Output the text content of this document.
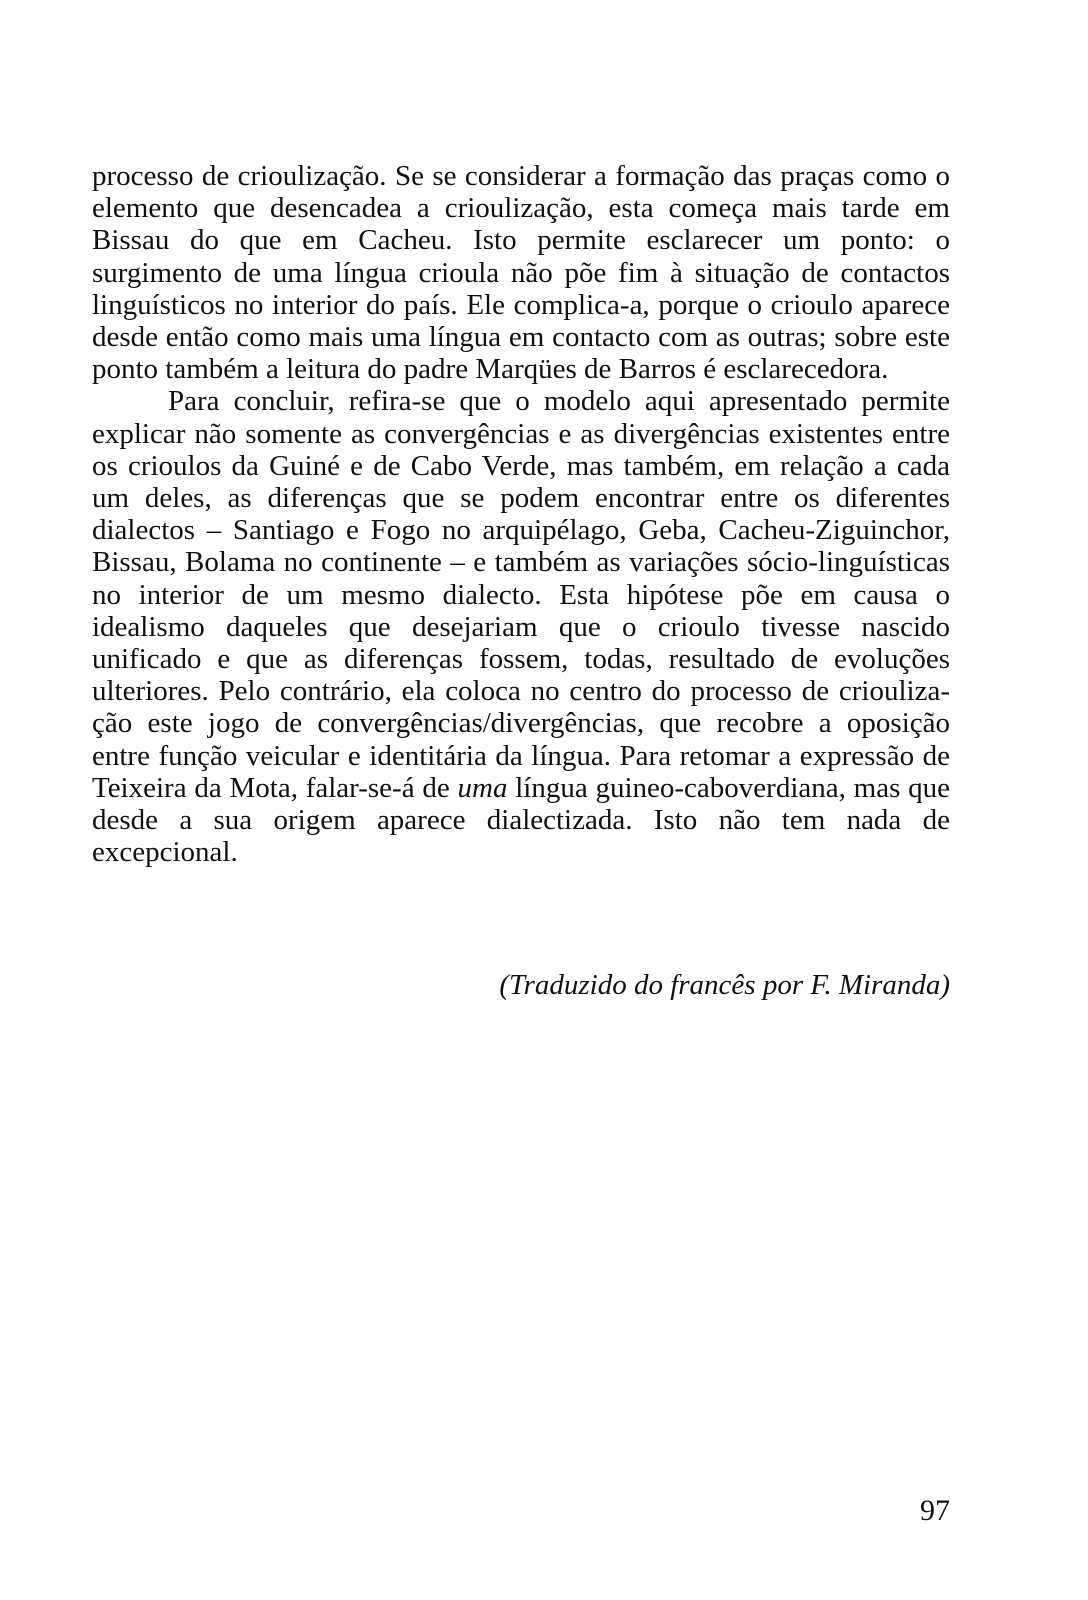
processo de crioulização. Se se considerar a formação das praças como o elemento que desencadea a crioulização, esta começa mais tarde em Bissau do que em Cacheu. Isto permite esclarecer um ponto: o surgimento de uma língua crioula não põe fim à situação de contactos linguísticos no interior do país. Ele complica-a, porque o crioulo aparece desde então como mais uma língua em contacto com as outras; sobre este ponto também a leitura do padre Marqües de Barros é esclarecedora.

Para concluir, refira-se que o modelo aqui apresentado permite explicar não somente as convergências e as divergências existentes entre os crioulos da Guiné e de Cabo Verde, mas também, em relação a cada um deles, as diferenças que se podem encontrar entre os diferentes dialectos – Santiago e Fogo no arquipélago, Geba, Cacheu-Ziguinchor, Bissau, Bolama no continente – e também as variações sócio-linguísticas no interior de um mesmo dialecto. Esta hipótese põe em causa o idealismo daqueles que desejariam que o crioulo tivesse nascido unificado e que as diferenças fossem, todas, resultado de evoluções ulteriores. Pelo contrário, ela coloca no centro do processo de crioulização este jogo de convergências/divergências, que recobre a oposição entre função veicular e identitária da língua. Para retomar a expressão de Teixeira da Mota, falar-se-á de uma língua guineo-caboverdiana, mas que desde a sua origem aparece dialectizada. Isto não tem nada de excepcional.

(Traduzido do francês por F. Miranda)
97
